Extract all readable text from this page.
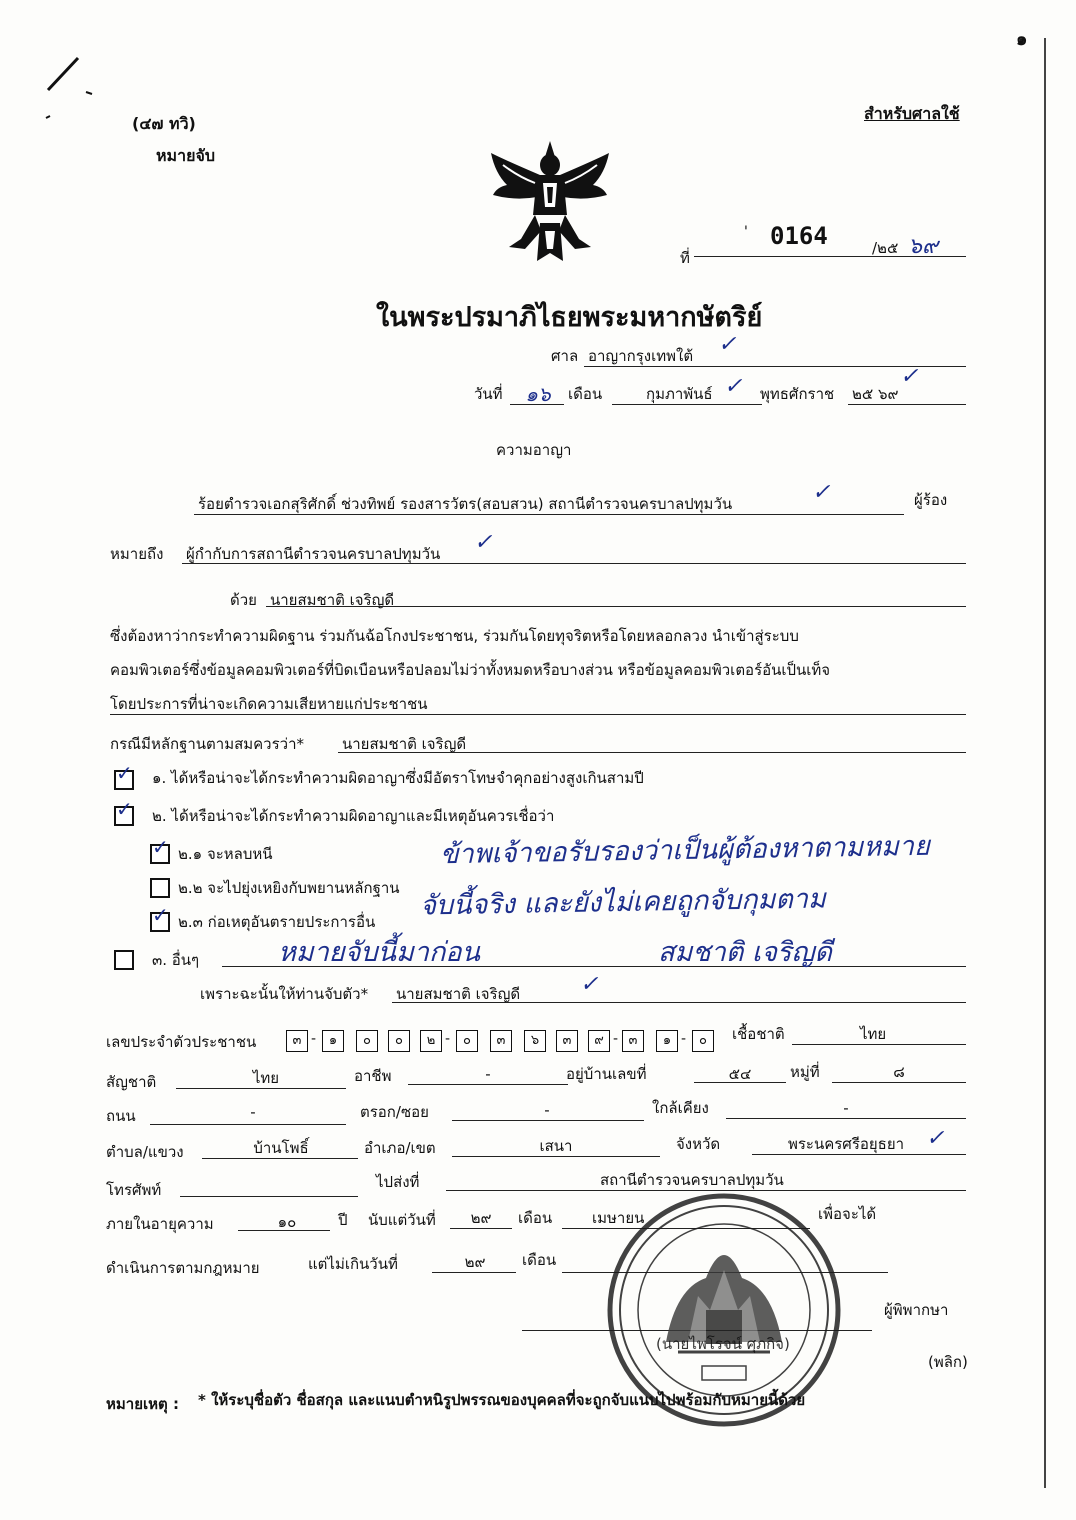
๑
(๔๗ ทวิ)
หมายจับ
สำหรับศาลใช้
ที่
0164	/๒๕ ๖๙
'
ในพระปรมาภิไธยพระมหากษัตริย์
ศาล อาญากรุงเทพใต้ ✓
วันที่	๑๖	เดือน	กุมภาพันธ์ ✓ พุทธศักราช ๒๕ ๖๙
✓
ความอาญา
ร้อยตำรวจเอกสุริศักดิ์ ช่วงทิพย์ รองสารวัตร(สอบสวน) สถานีตำรวจนครบาลปทุมวัน	✓	ผู้ร้อง
หมายถึง ผู้กำกับการสถานีตำรวจนครบาลปทุมวัน ✓
ด้วย นายสมชาติ เจริญดี
ซึ่งต้องหาว่ากระทำความผิดฐาน ร่วมกันฉ้อโกงประชาชน, ร่วมกันโดยทุจริตหรือโดยหลอกลวง นำเข้าสู่ระบบ
คอมพิวเตอร์ซึ่งข้อมูลคอมพิวเตอร์ที่บิดเบือนหรือปลอมไม่ว่าทั้งหมดหรือบางส่วน หรือข้อมูลคอมพิวเตอร์อันเป็นเท็จ
โดยประการที่น่าจะเกิดความเสียหายแก่ประชาชน
กรณีมีหลักฐานตามสมควรว่า*	นายสมชาติ เจริญดี
✓ ๑. ได้หรือน่าจะได้กระทำความผิดอาญาซึ่งมีอัตราโทษจำคุกอย่างสูงเกินสามปี
✓ ๒. ได้หรือน่าจะได้กระทำความผิดอาญาและมีเหตุอันควรเชื่อว่า
✓ ๒.๑ จะหลบหนี
๒.๒ จะไปยุ่งเหยิงกับพยานหลักฐาน
✓ ๒.๓ ก่อเหตุอันตรายประการอื่น
๓. อื่นๆ
ข้าพเจ้าขอรับรองว่าเป็นผู้ต้องหาตามหมาย
จับนี้จริง และยังไม่เคยถูกจับกุมตาม
หมายจับนี้มาก่อน	สมชาติ เจริญดี
เพราะฉะนั้นให้ท่านจับตัว* นายสมชาติ เจริญดี	✓
เลขประจำตัวประชาชน	๓ - ๑	๐	๐	๒ - ๐	๓	๖	๓	๙ - ๓	๑ - ๐	เชื้อชาติ	ไทย
สัญชาติ	ไทย	อาชีพ	-	อยู่บ้านเลขที่	๕๔	หมู่ที่	๘
ถนน	-	ตรอก/ซอย	-	ใกล้เคียง	-
ตำบล/แขวง	บ้านโพธิ์	อำเภอ/เขต	เสนา	จังหวัด	พระนครศรีอยุธยา ✓
โทรศัพท์	ไปส่งที่	สถานีตำรวจนครบาลปทุมวัน
ภายในอายุความ	๑๐	ปี นับแต่วันที่	๒๙	เดือน	เมษายน	เพื่อจะได้
ดำเนินการตามกฎหมาย	แต่ไม่เกินวันที่	๒๙	เดือน
ผู้พิพากษา
(พลิก)
(นายไพโรจน์ ศุภกิจ)
หมายเหตุ : * ให้ระบุชื่อตัว ชื่อสกุล และแนบตำหนิรูปพรรณของบุคคลที่จะถูกจับแนบไปพร้อมกับหมายนี้ด้วย
